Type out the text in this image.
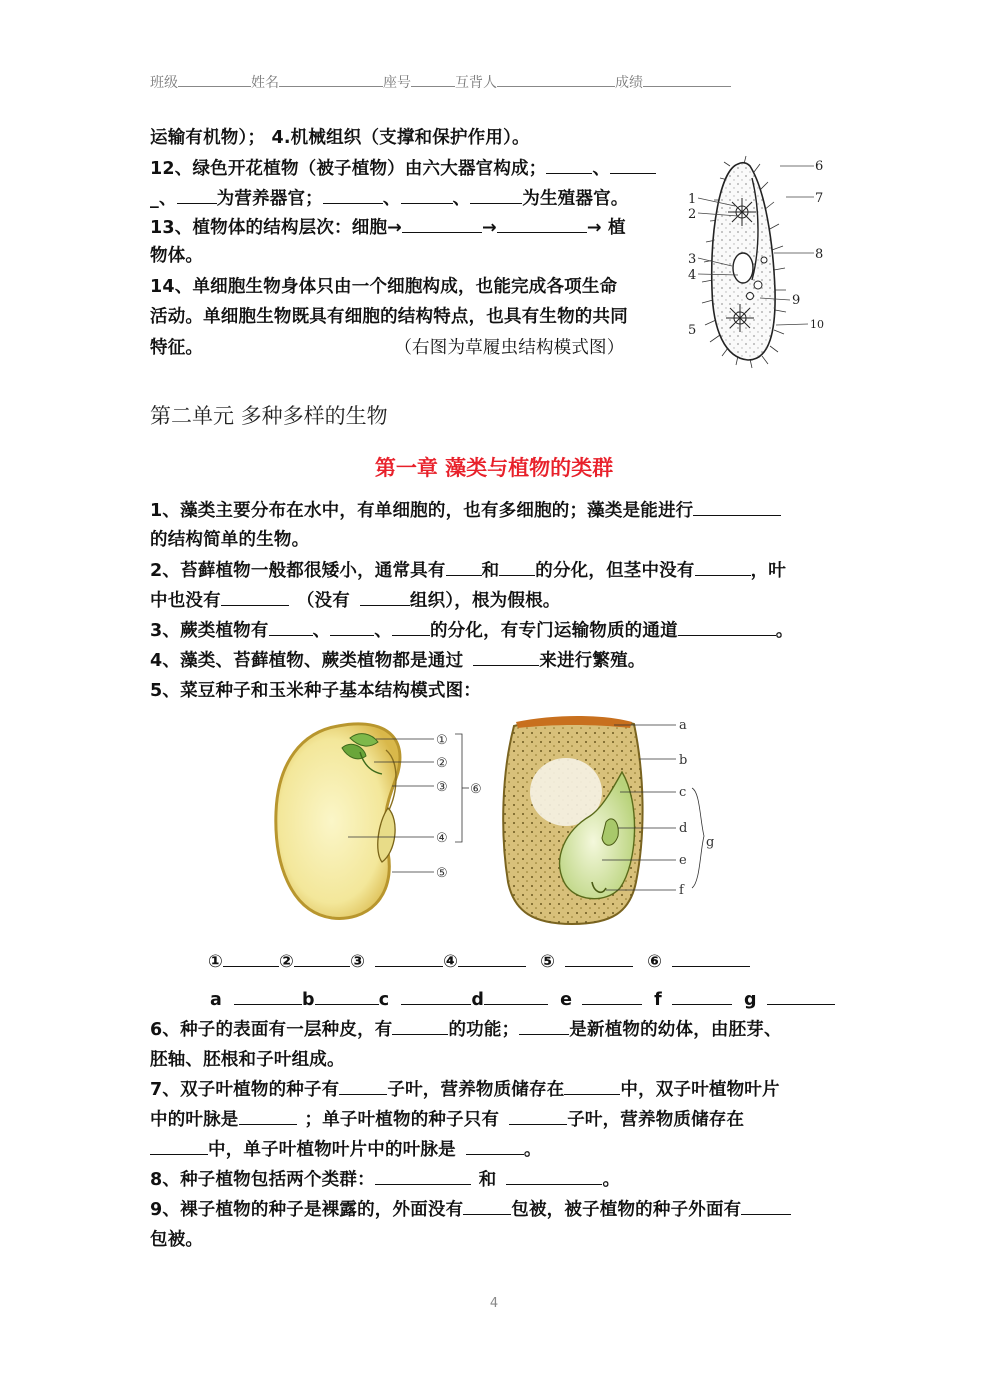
班级	姓名	座号	互背人	成绩
运输有机物）； 4.机械组织（支撑和保护作用）。
12、绿色开花植物（被子植物）由六大器官构成；	、
_、 为营养器官；	、	、	为生殖器官。
13、植物体的结构层次：细胞→	→	→ 植
物体。
14、单细胞生物身体只由一个细胞构成，也能完成各项生命
活动。单细胞生物既具有细胞的结构特点，也具有生物的共同
特征。	（右图为草履虫结构模式图）
1
2
3
4
5
6
7
8
9
10
第二单元 多种多样的生物
第一章 藻类与植物的类群
1、藻类主要分布在水中，有单细胞的，也有多细胞的；藻类是能进行
的结构简单的生物。
2、苔藓植物一般都很矮小，通常具有 和 的分化，但茎中没有	，叶
中也没有	（没有	组织），根为假根。
3、蕨类植物有	、	、 的分化，有专门运输物质的通道	。
4、藻类、苔藓植物、蕨类植物都是通过	来进行繁殖。
5、菜豆种子和玉米种子基本结构模式图：
①
②
③
④
⑤
⑥
a
b
c
d
e
f
g
①	②	③	④	⑤	⑥
a	b	c	d	e	f	g
6、种子的表面有一层种皮，有	的功能；	是新植物的幼体，由胚芽、
胚轴、胚根和子叶组成。
7、双子叶植物的种子有	子叶，营养物质储存在	中，双子叶植物叶片
中的叶脉是	；单子叶植物的种子只有	子叶，营养物质储存在
中，单子叶植物叶片中的叶脉是	。
8、种子植物包括两个类群：	和	。
9、裸子植物的种子是裸露的，外面没有	包被，被子植物的种子外面有
包被。
4
